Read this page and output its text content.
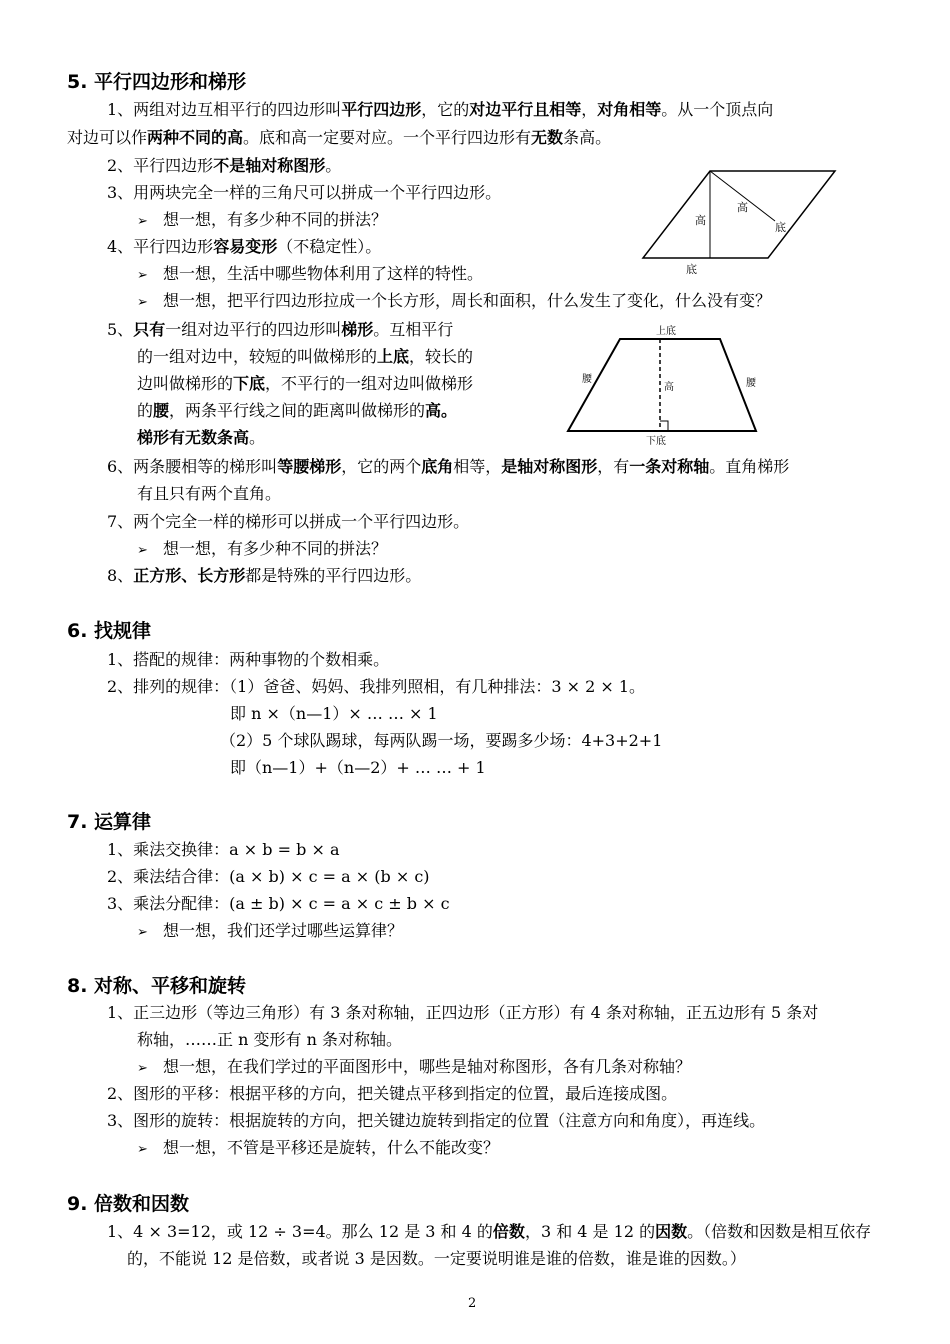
5. 平行四边形和梯形
1、两组对边互相平行的四边形叫平行四边形，它的对边平行且相等，对角相等。从一个顶点向
对边可以作两种不同的高。底和高一定要对应。一个平行四边形有无数条高。
2、平行四边形不是轴对称图形。
3、用两块完全一样的三角尺可以拼成一个平行四边形。
➢ 想一想，有多少种不同的拼法？
4、平行四边形容易变形（不稳定性）。
➢ 想一想，生活中哪些物体利用了这样的特性。
➢ 想一想，把平行四边形拉成一个长方形，周长和面积，什么发生了变化，什么没有变？
5、只有一组对边平行的四边形叫梯形。互相平行
的一组对边中，较短的叫做梯形的上底，较长的
边叫做梯形的下底，不平行的一组对边叫做梯形
的腰，两条平行线之间的距离叫做梯形的高。
梯形有无数条高。
6、两条腰相等的梯形叫等腰梯形，它的两个底角相等，是轴对称图形，有一条对称轴。直角梯形
有且只有两个直角。
7、两个完全一样的梯形可以拼成一个平行四边形。
➢ 想一想，有多少种不同的拼法？
8、正方形、长方形都是特殊的平行四边形。
高
高
底
底
上底
腰	腰
高
下底
6. 找规律
1、搭配的规律：两种事物的个数相乘。
2、排列的规律：（1）爸爸、妈妈、我排列照相，有几种排法：3 × 2 × 1。
即 n ×（n—1）× … … × 1
（2）5 个球队踢球，每两队踢一场，要踢多少场：4+3+2+1
即（n—1）+（n—2）+ … … + 1
7. 运算律
1、乘法交换律：a × b = b × a
2、乘法结合律：(a × b) × c = a × (b × c)
3、乘法分配律：(a ± b) × c = a × c ± b × c
➢ 想一想，我们还学过哪些运算律？
8. 对称、平移和旋转
1、正三边形（等边三角形）有 3 条对称轴，正四边形（正方形）有 4 条对称轴，正五边形有 5 条对
称轴，……正 n 变形有 n 条对称轴。
➢ 想一想，在我们学过的平面图形中，哪些是轴对称图形，各有几条对称轴？
2、图形的平移：根据平移的方向，把关键点平移到指定的位置，最后连接成图。
3、图形的旋转：根据旋转的方向，把关键边旋转到指定的位置（注意方向和角度），再连线。
➢ 想一想，不管是平移还是旋转，什么不能改变？
9. 倍数和因数
1、4 × 3=12，或 12 ÷ 3=4。那么 12 是 3 和 4 的倍数，3 和 4 是 12 的因数。（倍数和因数是相互依存
的，不能说 12 是倍数，或者说 3 是因数。一定要说明谁是谁的倍数，谁是谁的因数。）
2
